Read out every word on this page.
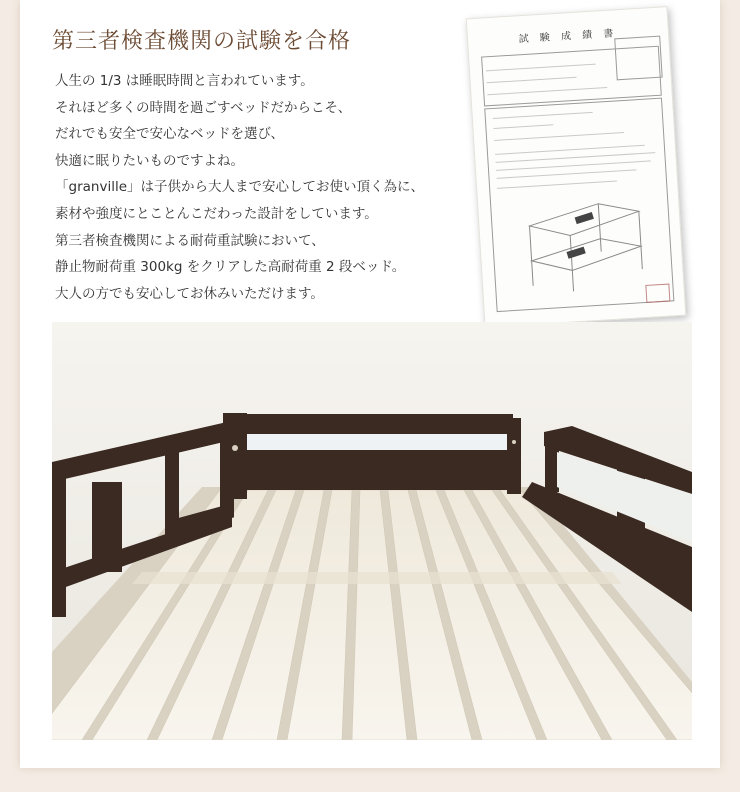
第三者検査機関の試験を合格
人生の 1/3 は睡眠時間と言われています。
それほど多くの時間を過ごすベッドだからこそ、
だれでも安全で安心なベッドを選び、
快適に眠りたいものですよね。
「granville」は子供から大人まで安心してお使い頂く為に、
素材や強度にとことんこだわった設計をしています。
第三者検査機関による耐荷重試験において、
静止物耐荷重 300kg をクリアした高耐荷重 2 段ベッド。
大人の方でも安心してお休みいただけます。
試 験 成 績 書
